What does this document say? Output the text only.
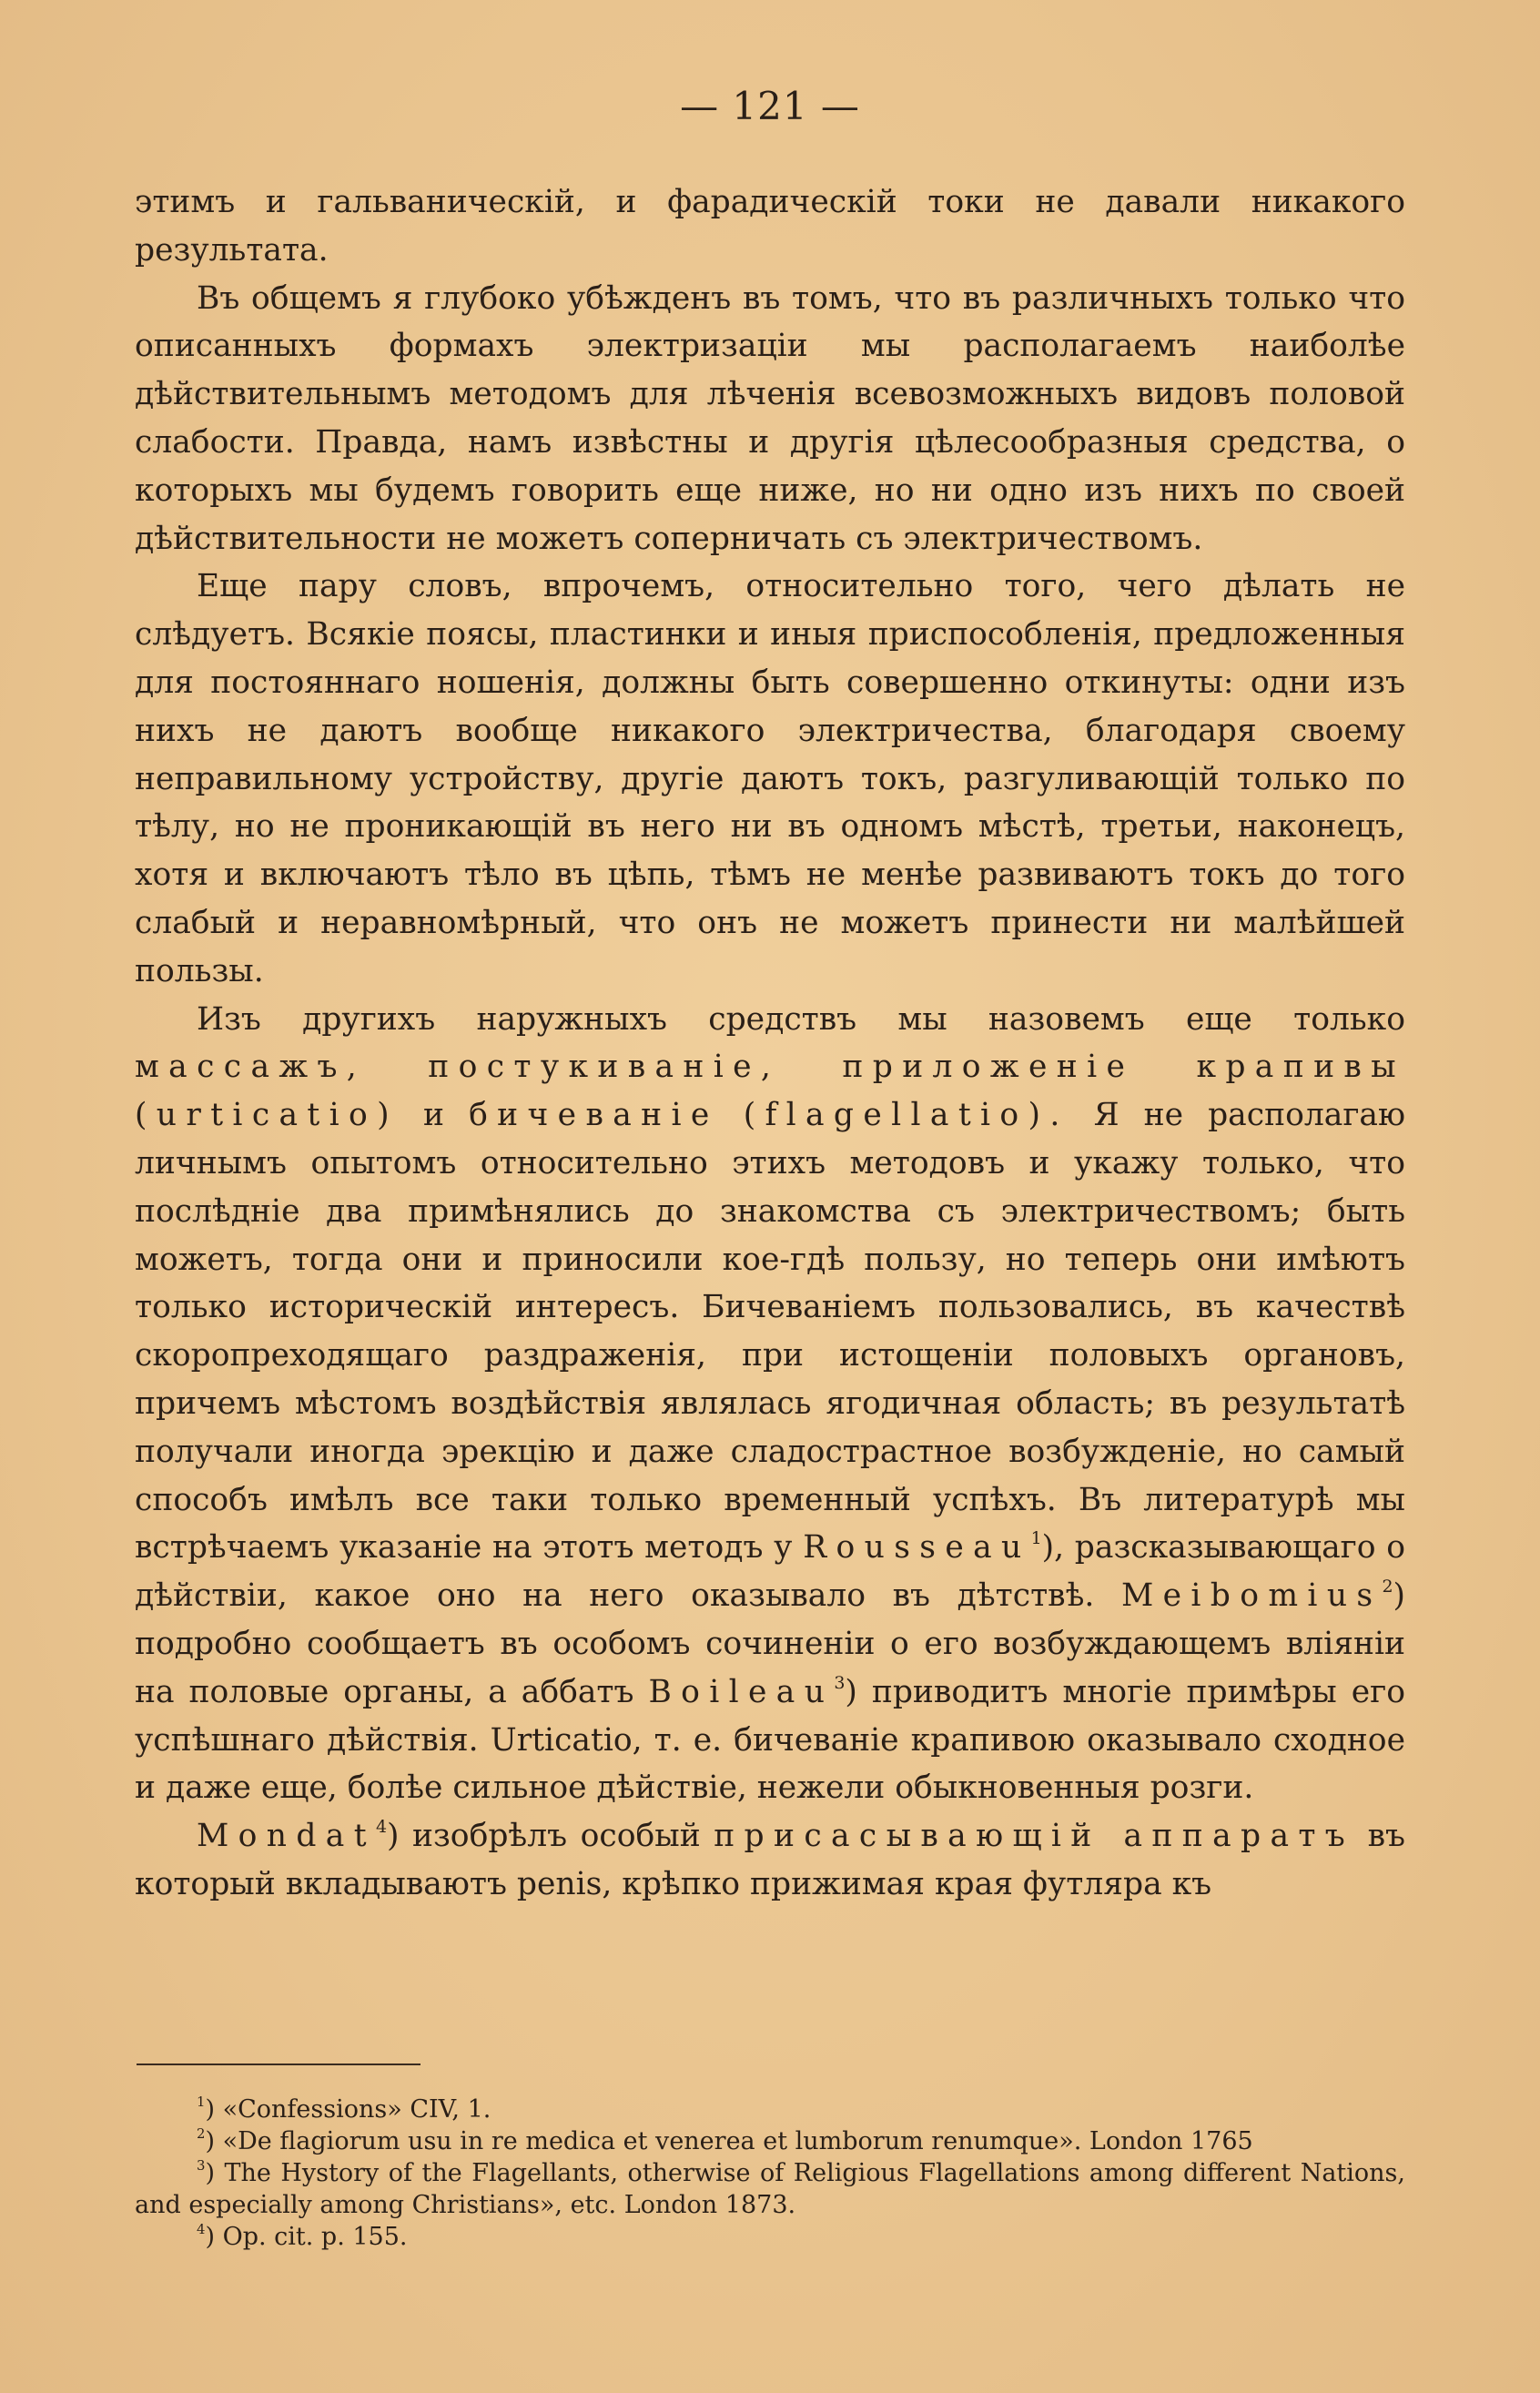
— 121 —

этимъ и гальваническій, и фарадическій токи не давали никакого результата.

Въ общемъ я глубоко убѣжденъ въ томъ, что въ различныхъ только что описанныхъ формахъ электризаціи мы располагаемъ наиболѣе дѣйствительнымъ методомъ для лѣченія всевозможныхъ видовъ половой слабости. Правда, намъ извѣстны и другія цѣлесообразныя средства, о которыхъ мы будемъ говорить еще ниже, но ни одно изъ нихъ по своей дѣйствительности не можетъ соперничать съ электричествомъ.

Еще пару словъ, впрочемъ, относительно того, чего дѣлать не слѣдуетъ. Всякіе поясы, пластинки и иныя приспособленія, предложенныя для постояннаго ношенія, должны быть совершенно откинуты: одни изъ нихъ не даютъ вообще никакого электричества, благодаря своему неправильному устройству, другіе даютъ токъ, разгуливающій только по тѣлу, но не проникающій въ него ни въ одномъ мѣстѣ, третьи, наконецъ, хотя и включаютъ тѣло въ цѣпь, тѣмъ не менѣе развиваютъ токъ до того слабый и неравномѣрный, что онъ не можетъ принести ни малѣйшей пользы.

Изъ другихъ наружныхъ средствъ мы назовемъ еще только массажъ, постукиваніе, приложеніе крапивы (urticatio) и бичеваніе (flagellatio). Я не располагаю личнымъ опытомъ относительно этихъ методовъ и укажу только, что послѣдніе два примѣнялись до знакомства съ электричествомъ; быть можетъ, тогда они и приносили кое-гдѣ пользу, но теперь они имѣютъ только историческій интересъ. Бичеваніемъ пользовались, въ качествѣ скоропреходящаго раздраженія, при истощеніи половыхъ органовъ, причемъ мѣстомъ воздѣйствія являлась ягодичная область; въ результатѣ получали иногда эрекцію и даже сладострастное возбужденіе, но самый способъ имѣлъ все таки только временный успѣхъ. Въ литературѣ мы встрѣчаемъ указаніе на этотъ методъ у Rousseau$^1$), разсказывающаго о дѣйствіи, какое оно на него оказывало въ дѣтствѣ. Meibomius$^2$) подробно сообщаетъ въ особомъ сочиненіи о его возбуждающемъ вліяніи на половые органы, а аббатъ Boileau$^3$) приводитъ многіе примѣры его успѣшнаго дѣйствія. Urticatio, т. е. бичеваніе крапивою оказывало сходное и даже еще, болѣе сильное дѣйствіе, нежели обыкновенныя розги.

Mondat$^4$) изобрѣлъ особый присасывающій аппаратъ въ который вкладываютъ penis, крѣпко прижимая края футляра къ

$^1$) «Confessions» CIV, 1.

$^2$) «De flagiorum usu in re medica et venerea et lumborum renumque». London 1765

$^3$) The Hystory of the Flagellants, otherwise of Religious Flagellations among different Nations, and especially among Christians», etc. London 1873.

$^4$) Op. cit. p. 155.
